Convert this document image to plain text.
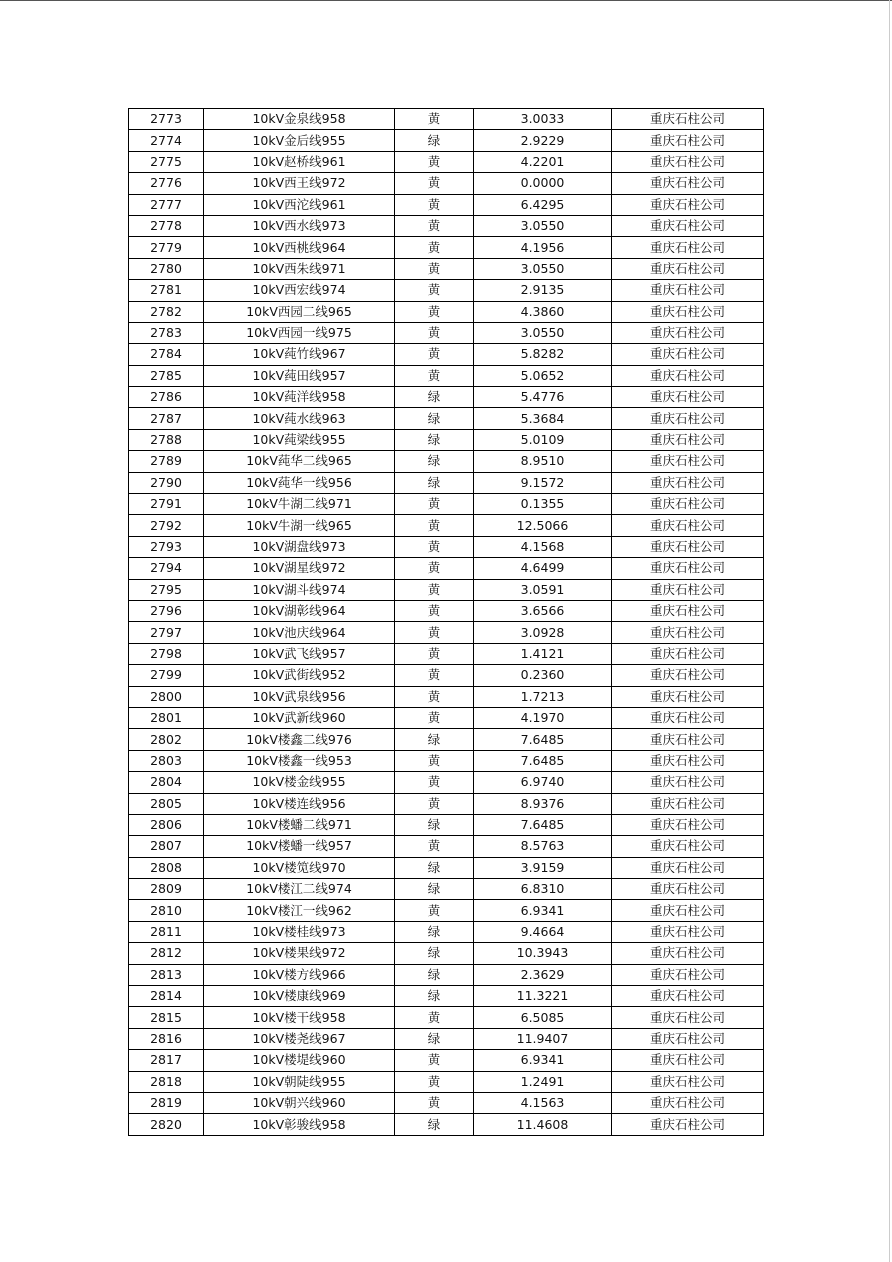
2773	10kV金泉线958	黄	3.0033	重庆石柱公司
2774	10kV金后线955	绿	2.9229	重庆石柱公司
2775	10kV赵桥线961	黄	4.2201	重庆石柱公司
2776	10kV西王线972	黄	0.0000	重庆石柱公司
2777	10kV西沱线961	黄	6.4295	重庆石柱公司
2778	10kV西水线973	黄	3.0550	重庆石柱公司
2779	10kV西桃线964	黄	4.1956	重庆石柱公司
2780	10kV西朱线971	黄	3.0550	重庆石柱公司
2781	10kV西宏线974	黄	2.9135	重庆石柱公司
2782	10kV西园二线965	黄	4.3860	重庆石柱公司
2783	10kV西园一线975	黄	3.0550	重庆石柱公司
2784	10kV莼竹线967	黄	5.8282	重庆石柱公司
2785	10kV莼田线957	黄	5.0652	重庆石柱公司
2786	10kV莼洋线958	绿	5.4776	重庆石柱公司
2787	10kV莼水线963	绿	5.3684	重庆石柱公司
2788	10kV莼梁线955	绿	5.0109	重庆石柱公司
2789	10kV莼华二线965	绿	8.9510	重庆石柱公司
2790	10kV莼华一线956	绿	9.1572	重庆石柱公司
2791	10kV牛湖二线971	黄	0.1355	重庆石柱公司
2792	10kV牛湖一线965	黄	12.5066	重庆石柱公司
2793	10kV湖盘线973	黄	4.1568	重庆石柱公司
2794	10kV湖星线972	黄	4.6499	重庆石柱公司
2795	10kV湖斗线974	黄	3.0591	重庆石柱公司
2796	10kV湖彰线964	黄	3.6566	重庆石柱公司
2797	10kV池庆线964	黄	3.0928	重庆石柱公司
2798	10kV武飞线957	黄	1.4121	重庆石柱公司
2799	10kV武街线952	黄	0.2360	重庆石柱公司
2800	10kV武泉线956	黄	1.7213	重庆石柱公司
2801	10kV武新线960	黄	4.1970	重庆石柱公司
2802	10kV楼鑫二线976	绿	7.6485	重庆石柱公司
2803	10kV楼鑫一线953	黄	7.6485	重庆石柱公司
2804	10kV楼金线955	黄	6.9740	重庆石柱公司
2805	10kV楼连线956	黄	8.9376	重庆石柱公司
2806	10kV楼蟠二线971	绿	7.6485	重庆石柱公司
2807	10kV楼蟠一线957	黄	8.5763	重庆石柱公司
2808	10kV楼笕线970	绿	3.9159	重庆石柱公司
2809	10kV楼江二线974	绿	6.8310	重庆石柱公司
2810	10kV楼江一线962	黄	6.9341	重庆石柱公司
2811	10kV楼桂线973	绿	9.4664	重庆石柱公司
2812	10kV楼果线972	绿	10.3943	重庆石柱公司
2813	10kV楼方线966	绿	2.3629	重庆石柱公司
2814	10kV楼康线969	绿	11.3221	重庆石柱公司
2815	10kV楼干线958	黄	6.5085	重庆石柱公司
2816	10kV楼尧线967	绿	11.9407	重庆石柱公司
2817	10kV楼堤线960	黄	6.9341	重庆石柱公司
2818	10kV朝陡线955	黄	1.2491	重庆石柱公司
2819	10kV朝兴线960	黄	4.1563	重庆石柱公司
2820	10kV彰骏线958	绿	11.4608	重庆石柱公司
